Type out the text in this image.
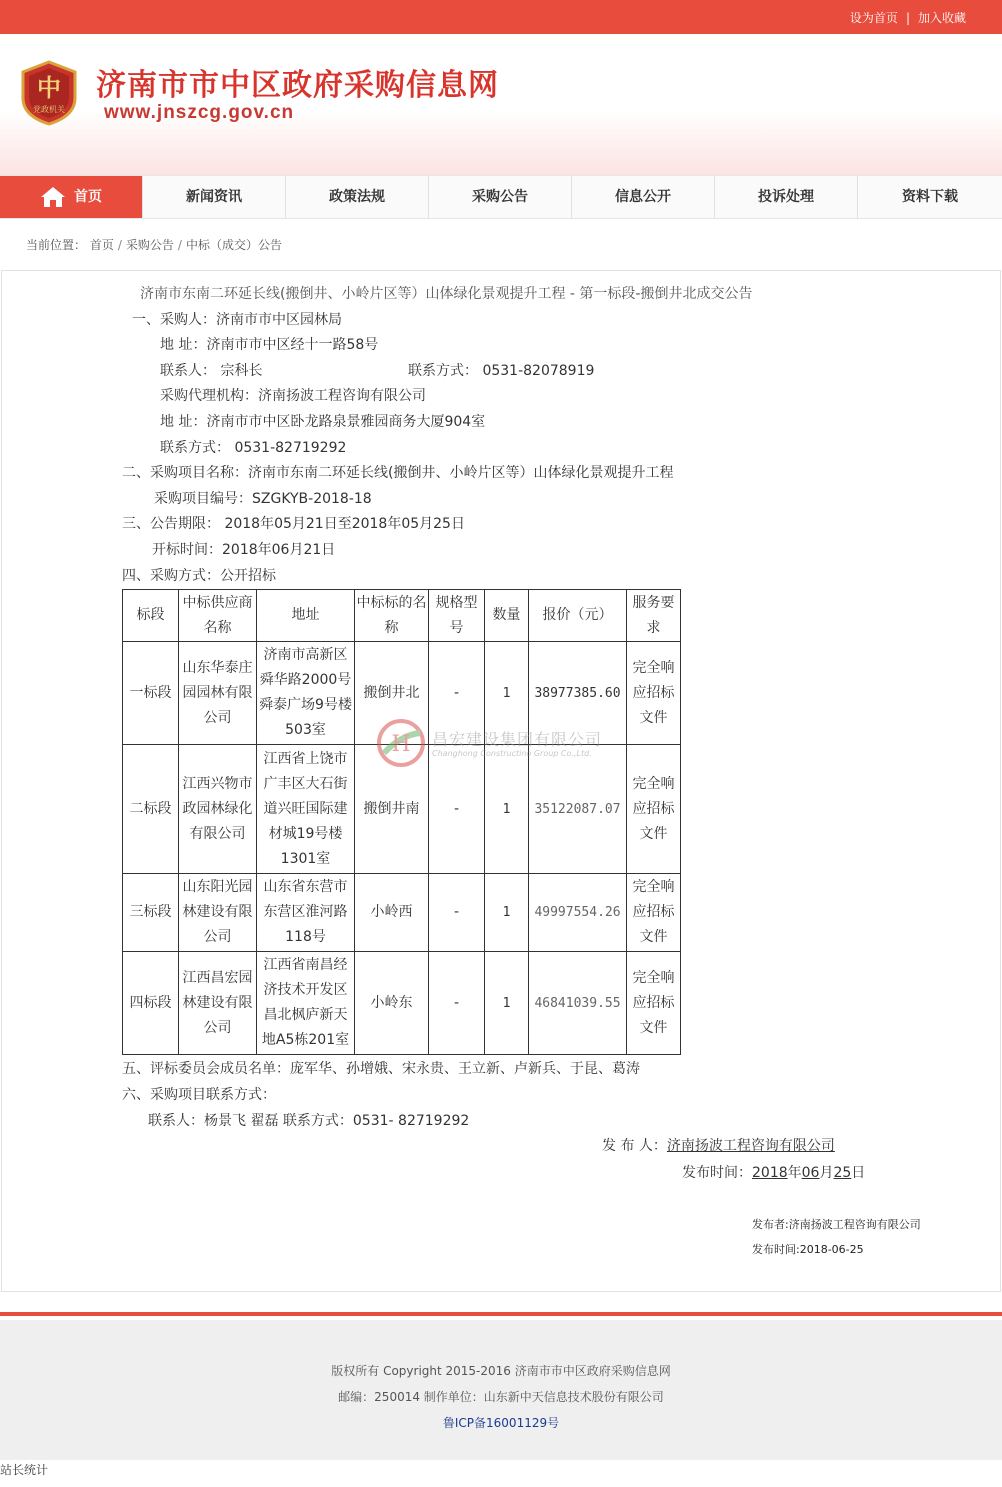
设为首页 | 加入收藏
中
党政机关
济南市市中区政府采购信息网
www.jnszcg.gov.cn
首页	新闻资讯	政策法规	采购公告	信息公开	投诉处理	资料下载
当前位置： 首页 / 采购公告 / 中标（成交）公告
济南市东南二环延长线(搬倒井、小岭片区等）山体绿化景观提升工程 - 第一标段-搬倒井北成交公告
一、采购人：济南市市中区园林局
地 址：济南市市中区经十一路58号
联系人： 宗科长	联系方式： 0531-82078919
采购代理机构：济南扬波工程咨询有限公司
地 址：济南市市中区卧龙路泉景雅园商务大厦904室
联系方式： 0531-82719292
二、采购项目名称：济南市东南二环延长线(搬倒井、小岭片区等）山体绿化景观提升工程
采购项目编号：SZGKYB-2018-18
三、公告期限： 2018年05月21日至2018年05月25日
开标时间：2018年06月21日
四、采购方式：公开招标
标段	中标供应商名称	地址	中标标的名称	规格型号	数量	报价（元）	服务要求
一标段	山东华泰庄园园林有限公司	济南市高新区舜华路2000号舜泰广场9号楼503室	搬倒井北	-	1	38977385.60	完全响应招标文件
二标段	江西兴物市政园林绿化有限公司	江西省上饶市广丰区大石街道兴旺国际建材城19号楼1301室	搬倒井南	-	1	35122087.07	完全响应招标文件
三标段	山东阳光园林建设有限公司	山东省东营市东营区淮河路118号	小岭西	-	1	49997554.26	完全响应招标文件
四标段	江西昌宏园林建设有限公司	江西省南昌经济技术开发区昌北枫庐新天地A5栋201室	小岭东	-	1	46841039.55	完全响应招标文件
H 昌宏建设集团有限公司
Changhong Constructino Group Co.,Ltd.
五、评标委员会成员名单：庞军华、孙增娥、宋永贵、王立新、卢新兵、于昆、葛涛
六、采购项目联系方式：
联系人：杨景飞 翟磊 联系方式：0531- 82719292
发 布 人：济南扬波工程咨询有限公司
发布时间：2018年06月25日
发布者:济南扬波工程咨询有限公司
发布时间:2018-06-25
版权所有 Copyright 2015-2016 济南市市中区政府采购信息网
邮编：250014 制作单位：山东新中天信息技术股份有限公司
鲁ICP备16001129号
站长统计
